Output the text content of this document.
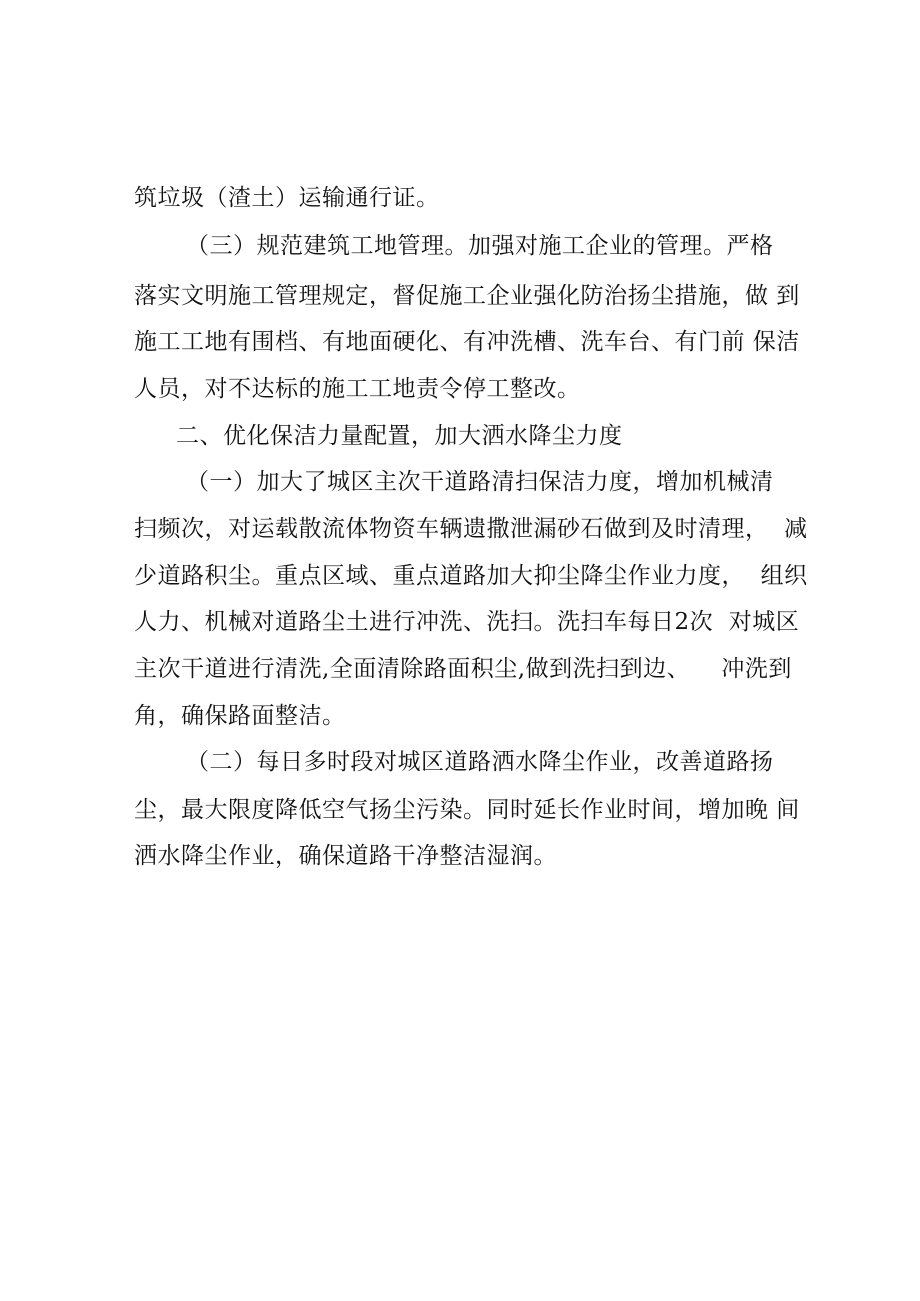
筑垃圾（渣土）运输通行证。
（三）规范建筑工地管理。加强对施工企业的管理。严格
落实文明施工管理规定，督促施工企业强化防治扬尘措施，做 到
施工工地有围档、有地面硬化、有冲洗槽、洗车台、有门前 保洁
人员，对不达标的施工工地责令停工整改。
二、优化保洁力量配置，加大洒水降尘力度
（一）加大了城区主次干道路清扫保洁力度，增加机械清
扫频次，对运载散流体物资车辆遗撒泄漏砂石做到及时清理，  减
少道路积尘。重点区域、重点道路加大抑尘降尘作业力度，  组织
人力、机械对道路尘土进行冲洗、洗扫。洗扫车每日2次  对城区
主次干道进行清洗,全面清除路面积尘,做到洗扫到边、    冲洗到
角，确保路面整洁。
（二）每日多时段对城区道路洒水降尘作业，改善道路扬
尘，最大限度降低空气扬尘污染。同时延长作业时间，增加晚 间
洒水降尘作业，确保道路干净整洁湿润。
